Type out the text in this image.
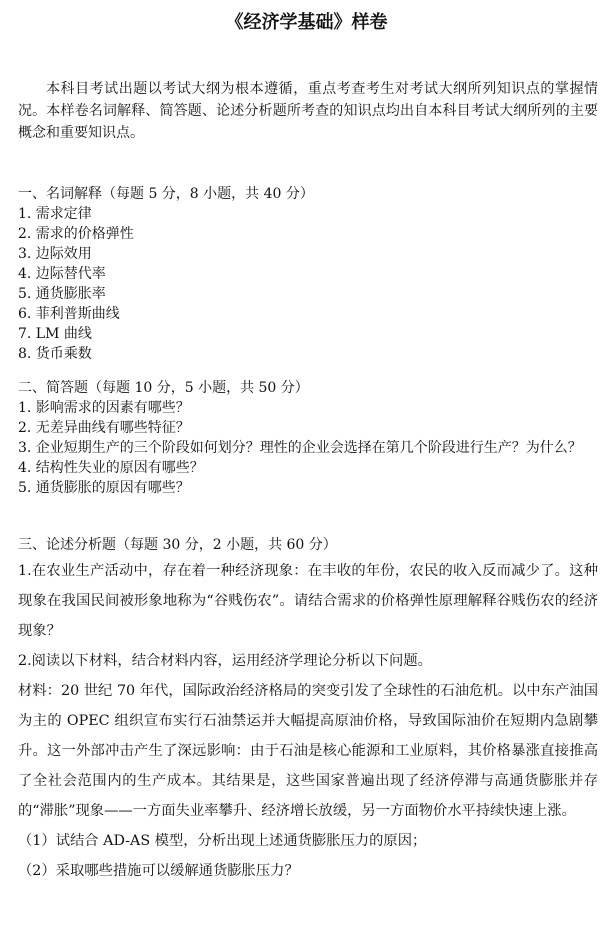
《经济学基础》样卷

本科目考试出题以考试大纲为根本遵循，重点考查考生对考试大纲所列知识点的掌握情况。本样卷名词解释、简答题、论述分析题所考查的知识点均出自本科目考试大纲所列的主要概念和重要知识点。

一、名词解释（每题 5 分，8 小题，共 40 分）
1. 需求定律
2. 需求的价格弹性
3. 边际效用
4. 边际替代率
5. 通货膨胀率
6. 菲利普斯曲线
7. LM 曲线
8. 货币乘数
二、简答题（每题 10 分，5 小题，共 50 分）
1. 影响需求的因素有哪些？
2. 无差异曲线有哪些特征？
3. 企业短期生产的三个阶段如何划分？理性的企业会选择在第几个阶段进行生产？为什么？
4. 结构性失业的原因有哪些？
5. 通货膨胀的原因有哪些？
三、论述分析题（每题 30 分，2 小题，共 60 分）
1.在农业生产活动中，存在着一种经济现象：在丰收的年份，农民的收入反而减少了。这种现象在我国民间被形象地称为“谷贱伤农”。请结合需求的价格弹性原理解释谷贱伤农的经济现象？
2.阅读以下材料，结合材料内容，运用经济学理论分析以下问题。
材料：20 世纪 70 年代，国际政治经济格局的突变引发了全球性的石油危机。以中东产油国为主的 OPEC 组织宣布实行石油禁运并大幅提高原油价格，导致国际油价在短期内急剧攀升。这一外部冲击产生了深远影响：由于石油是核心能源和工业原料，其价格暴涨直接推高了全社会范围内的生产成本。其结果是，这些国家普遍出现了经济停滞与高通货膨胀并存的“滞胀”现象——一方面失业率攀升、经济增长放缓，另一方面物价水平持续快速上涨。
（1）试结合 AD-AS 模型，分析出现上述通货膨胀压力的原因；
（2）采取哪些措施可以缓解通货膨胀压力？
